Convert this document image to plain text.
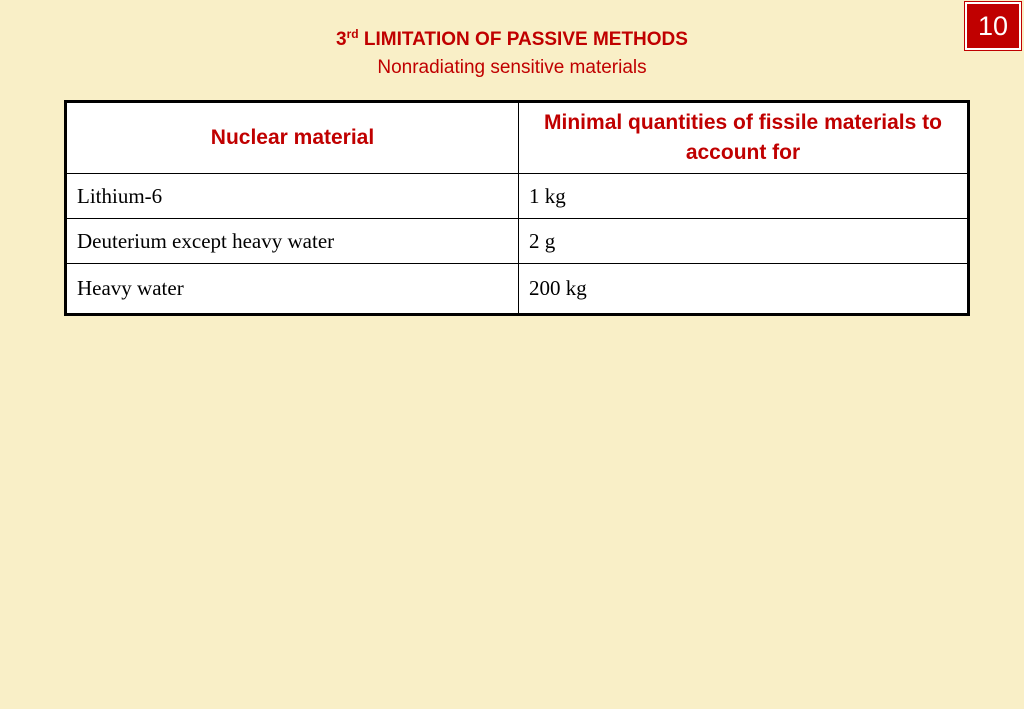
10
3rd LIMITATION OF PASSIVE METHODS
Nonradiating sensitive materials
Nuclear material	Minimal quantities of fissile materials to account for
Lithium-6	1 kg
Deuterium except heavy water	2 g
Heavy water	200 kg
